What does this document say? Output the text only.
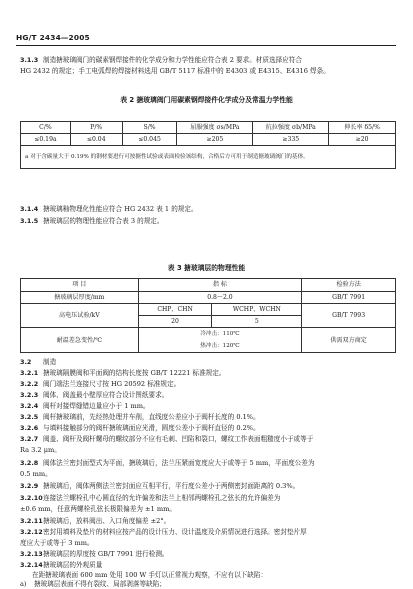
HG/T 2434—2005
3.1.3 制造搪玻璃阀门的碳素钢焊接件的化学成分和力学性能应符合表 2 要求。材质选择应符合
HG 2432 的规定；手工电弧焊的焊接材料选用 GB/T 5117 标准中的 E4303 或 E4315、E4316 焊条。
表 2 搪玻璃阀门用碳素钢焊接件化学成分及常温力学性能
C/%	P/%	S/%	屈服强度 σs/MPa	抗拉强度 σb/MPa	伸长率 δ5/%
≤0.19a	≤0.04	≤0.045	≥205	≥335	≥20
a 对于含碳量大于 0.19% 的钢材要进行可按搪性试验或表面检验该结构，合格后方可用于制造搪玻璃阀门的基体。					
3.1.4 搪玻璃釉物理化性能应符合 HG 2432 表 1 的规定。
3.1.5 搪玻璃层的物理性能应符合表 3 的规定。
表 3 搪玻璃层的物理性能
项 目	指 标		检验方法
搪玻璃层厚度/mm	0.8～2.0		GB/T 7991
高电压试验/kV	CHP、CHN	WCHP、WCHN	GB/T 7993
	20	5	
耐温差急变性/℃	冷冲击：110℃		供需双方商定
	热冲击：120℃		
3.2 制造
3.2.1 搪玻璃隔膜阀和平面阀的结构长度按 GB/T 12221 标准规定。
3.2.2 阀门端法兰连接尺寸按 HG 20592 标准规定。
3.2.3 阀体、阀盖最小壁厚应符合设计图纸要求。
3.2.4 阀杆对接焊缝错边量应小于 1 mm。
3.2.5 阀杆搪玻璃前，先经热处理并车削，直线度公差应小于阀杆长度的 0.1%。
3.2.6 与填料接触部分的阀杆搪玻璃面应光滑，圆度公差小于阀杆直径的 0.2%。
3.2.7 阀盖、阀杆及阀杆螺母的螺纹部分不应有毛刺、凹陷和裂口，螺纹工作表面粗糙度小于或等于
Ra 3.2 μm。
3.2.8 阀体法兰密封面型式为平面，搪玻璃后，法兰压紧面宽度应大于或等于 5 mm，平面度公差为
0.5 mm。
3.2.9 搪玻璃后，阀体两侧法兰密封面应互相平行，平行度公差小于两侧密封面距离的 0.3%。
3.2.10连接法兰螺栓孔中心圆直径的允许偏差和法兰上相邻两螺栓孔之弦长的允许偏差为
±0.6 mm，任意两螺栓孔弦长极限偏差为 ±1 mm。
3.2.11搪玻璃后，放料阀出、入口角度偏差 ±2°。
3.2.12密封用填料及垫片的材料应按产品的设计压力、设计温度及介质情况进行选择。密封垫片厚
度应大于或等于 3 mm。
3.2.13搪玻璃层的厚度按 GB/T 7991 进行检测。
3.2.14搪玻璃层的外观质量
在距搪玻璃表面 600 mm 处用 100 W 手灯以正常视力观察，不应有以下缺陷：
a) 搪玻璃层表面不得有裂纹、局部剥落等缺陷；
